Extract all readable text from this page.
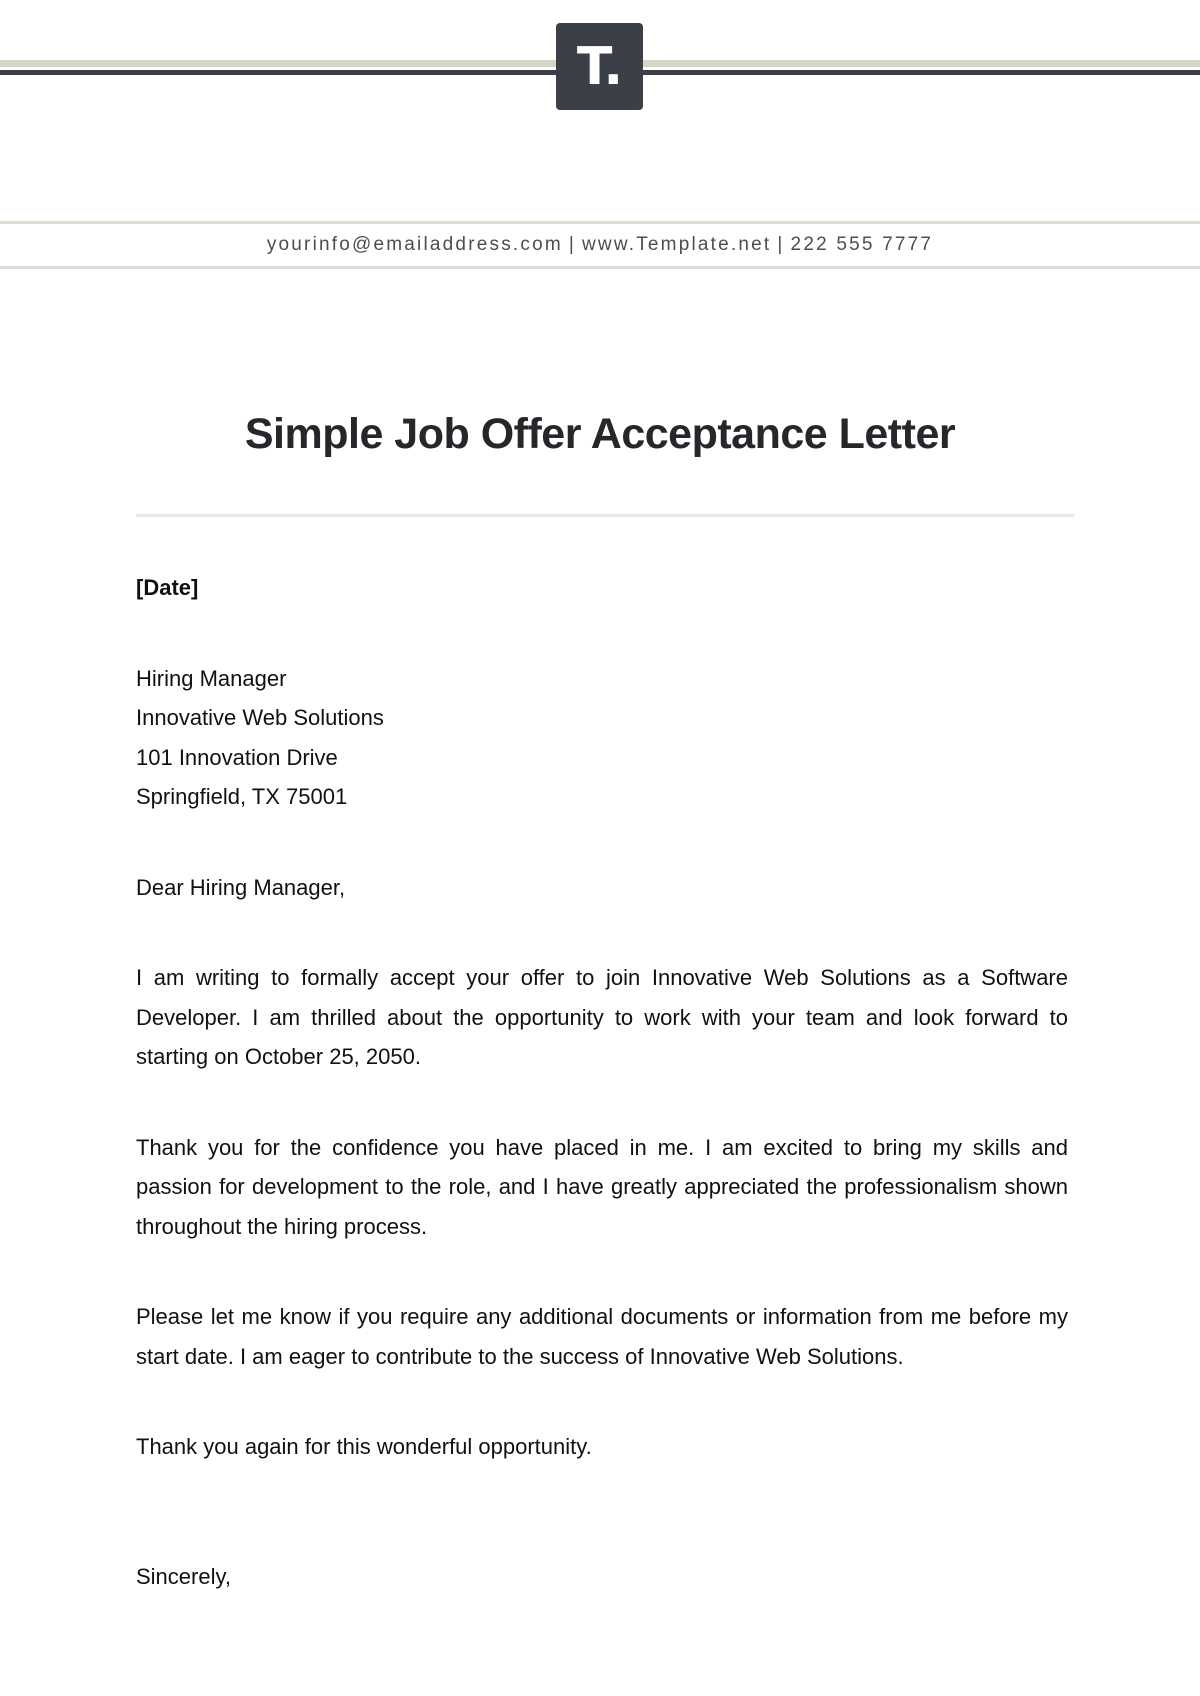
T.
yourinfo@emailaddress.com | www.Template.net | 222 555 7777
Simple Job Offer Acceptance Letter

[Date]

Hiring Manager

Innovative Web Solutions

101 Innovation Drive

Springfield, TX 75001

Dear Hiring Manager,

I am writing to formally accept your offer to join Innovative Web Solutions as a Software Developer. I am thrilled about the opportunity to work with your team and look forward to starting on October 25, 2050.

Thank you for the confidence you have placed in me. I am excited to bring my skills and passion for development to the role, and I have greatly appreciated the professionalism shown throughout the hiring process.

Please let me know if you require any additional documents or information from me before my start date. I am eager to contribute to the success of Innovative Web Solutions.

Thank you again for this wonderful opportunity.

Sincerely,
